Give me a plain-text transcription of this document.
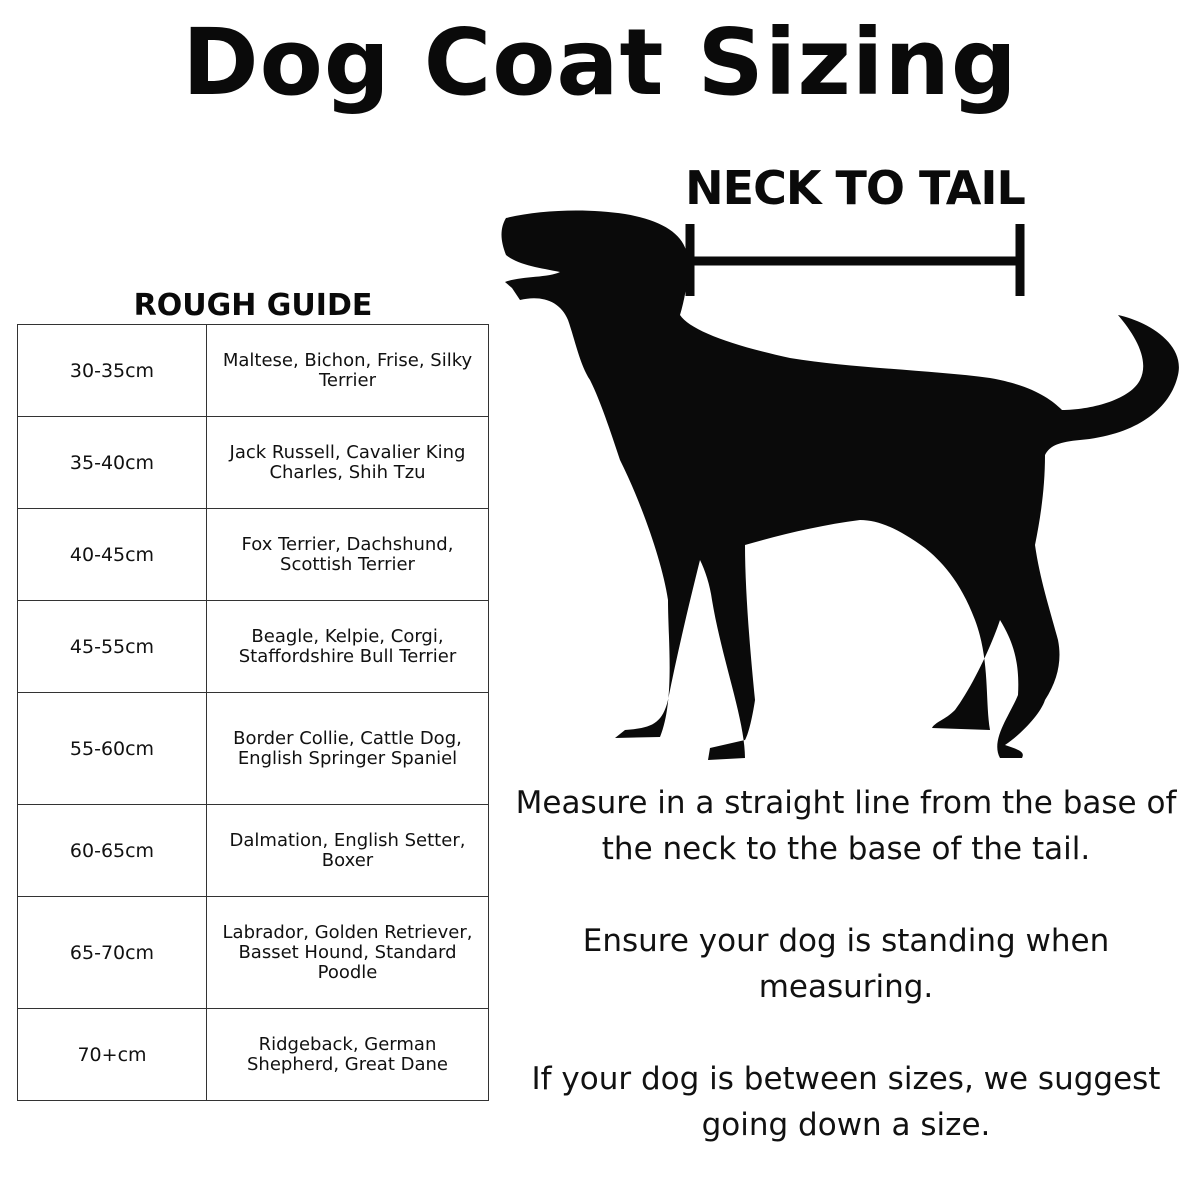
Dog Coat Sizing
ROUGH GUIDE
30-35cm	Maltese, Bichon, Frise, Silky Terrier
35-40cm	Jack Russell, Cavalier King Charles, Shih Tzu
40-45cm	Fox Terrier, Dachshund, Scottish Terrier
45-55cm	Beagle, Kelpie, Corgi, Staffordshire Bull Terrier
55-60cm	Border Collie, Cattle Dog, English Springer Spaniel
60-65cm	Dalmation, English Setter, Boxer
65-70cm	Labrador, Golden Retriever, Basset Hound, Standard Poodle
70+cm	Ridgeback, German Shepherd, Great Dane
NECK TO TAIL

Measure in a straight line from the base of the neck to the base of the tail.

Ensure your dog is standing when measuring.

If your dog is between sizes, we suggest going down a size.
